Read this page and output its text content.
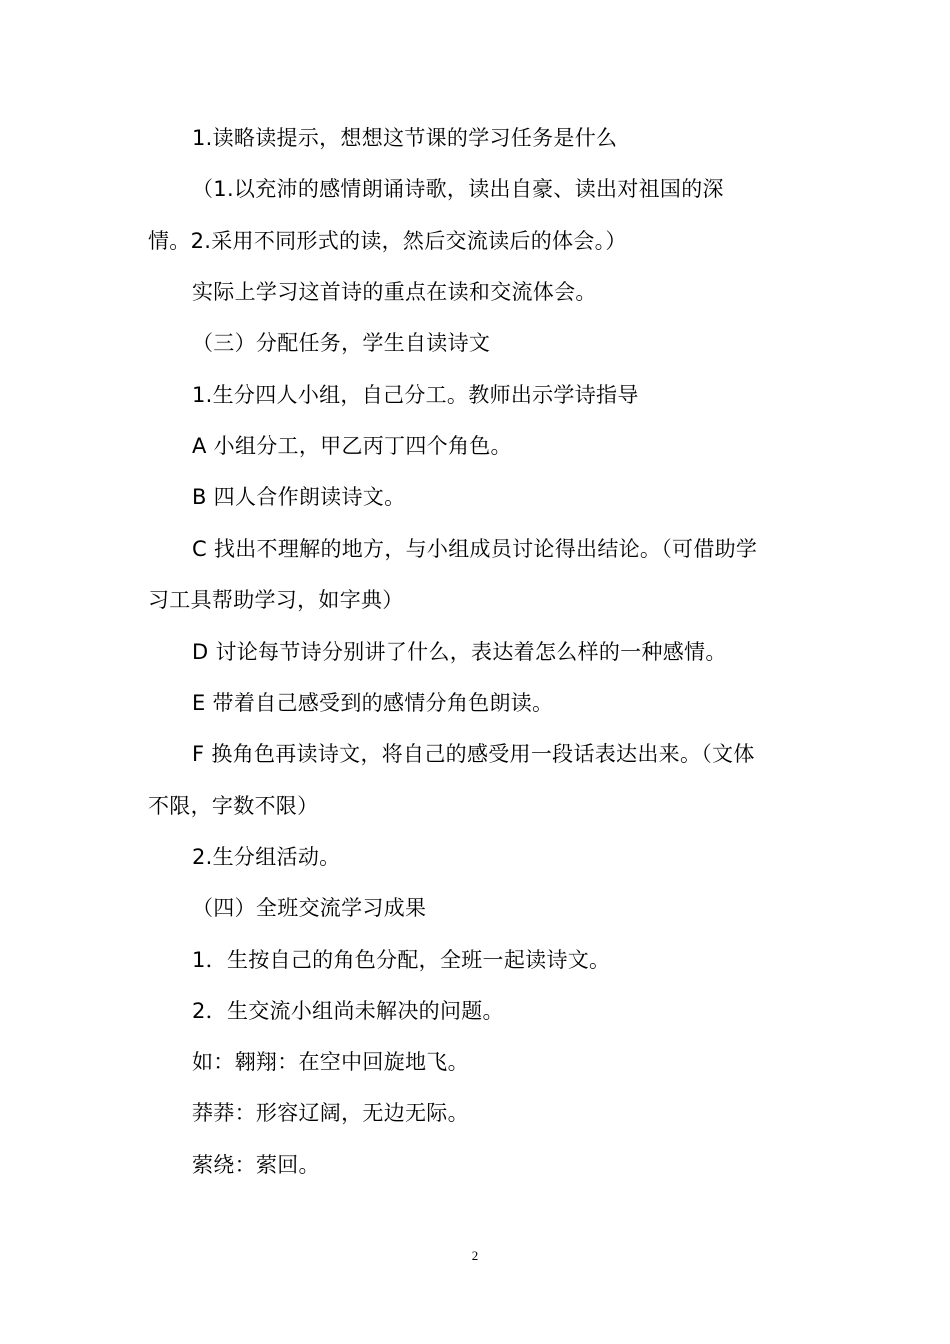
1.读略读提示，想想这节课的学习任务是什么
（1.以充沛的感情朗诵诗歌，读出自豪、读出对祖国的深
情。2.采用不同形式的读，然后交流读后的体会。）
实际上学习这首诗的重点在读和交流体会。
（三）分配任务，学生自读诗文
1.生分四人小组，自己分工。教师出示学诗指导
A 小组分工，甲乙丙丁四个角色。
B 四人合作朗读诗文。
C 找出不理解的地方，与小组成员讨论得出结论。（可借助学
习工具帮助学习，如字典）
D 讨论每节诗分别讲了什么，表达着怎么样的一种感情。
E 带着自己感受到的感情分角色朗读。
F 换角色再读诗文，将自己的感受用一段话表达出来。（文体
不限，字数不限）
2.生分组活动。
（四）全班交流学习成果
1．生按自己的角色分配，全班一起读诗文。
2．生交流小组尚未解决的问题。
如：翱翔：在空中回旋地飞。
莽莽：形容辽阔，无边无际。
萦绕：萦回。
2
